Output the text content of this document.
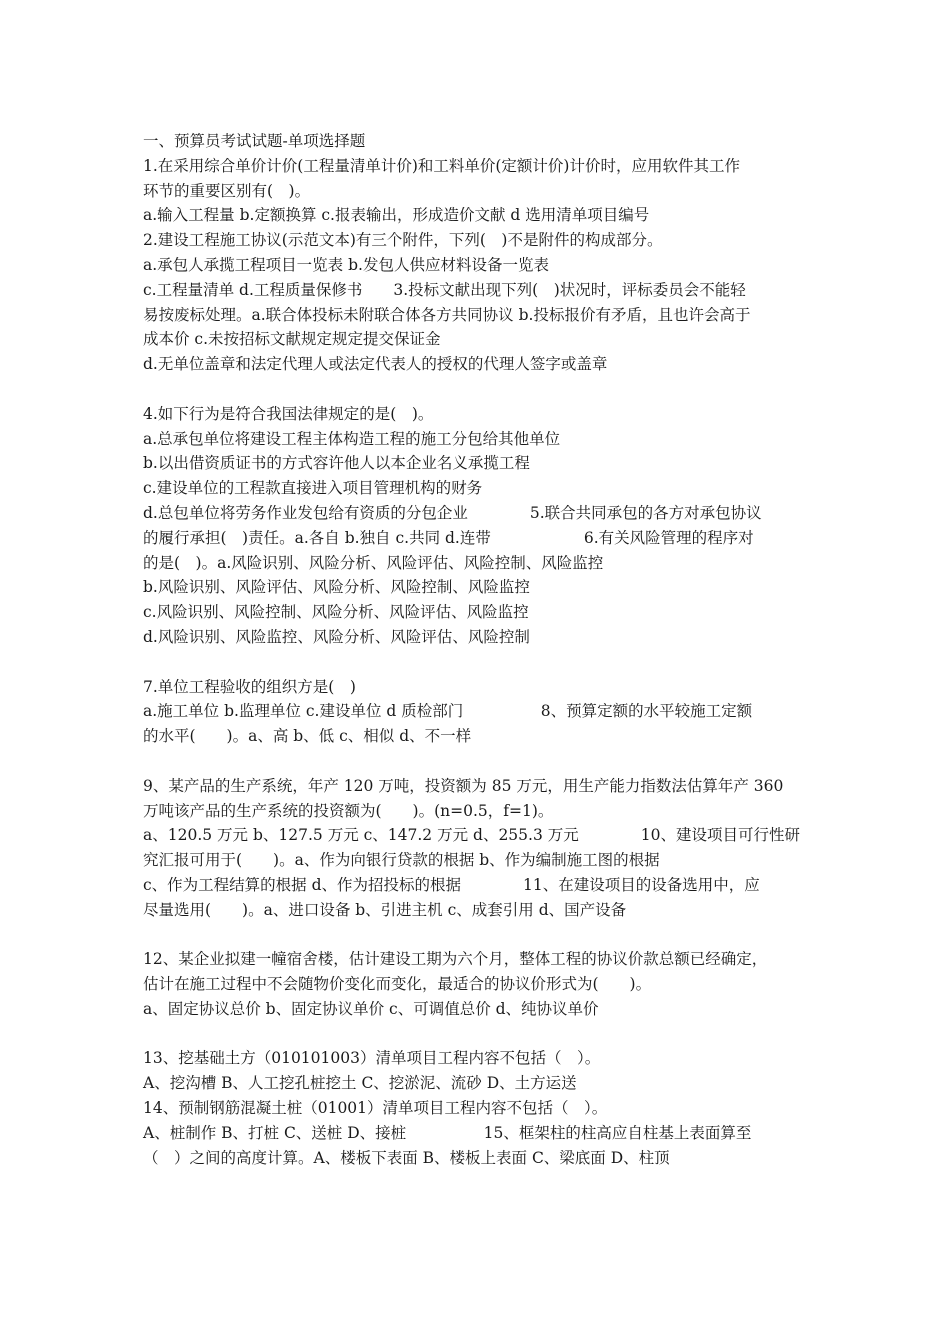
一、预算员考试试题-单项选择题
1.在采用综合单价计价(工程量清单计价)和工料单价(定额计价)计价时，应用软件其工作
环节的重要区别有(　)。
a.输入工程量 b.定额换算 c.报表输出，形成造价文献 d 选用清单项目编号
2.建设工程施工协议(示范文本)有三个附件，下列(　)不是附件的构成部分。
a.承包人承揽工程项目一览表 b.发包人供应材料设备一览表
c.工程量清单 d.工程质量保修书　　3.投标文献出现下列(　)状况时，评标委员会不能轻
易按废标处理。a.联合体投标未附联合体各方共同协议 b.投标报价有矛盾，且也许会高于
成本价 c.未按招标文献规定规定提交保证金
d.无单位盖章和法定代理人或法定代表人的授权的代理人签字或盖章
4.如下行为是符合我国法律规定的是(　)。
a.总承包单位将建设工程主体构造工程的施工分包给其他单位
b.以出借资质证书的方式容许他人以本企业名义承揽工程
c.建设单位的工程款直接进入项目管理机构的财务
d.总包单位将劳务作业发包给有资质的分包企业　　　　5.联合共同承包的各方对承包协议
的履行承担(　)责任。a.各自 b.独自 c.共同 d.连带　　　　　　6.有关风险管理的程序对
的是(　)。a.风险识别、风险分析、风险评估、风险控制、风险监控
b.风险识别、风险评估、风险分析、风险控制、风险监控
c.风险识别、风险控制、风险分析、风险评估、风险监控
d.风险识别、风险监控、风险分析、风险评估、风险控制
7.单位工程验收的组织方是(　)
a.施工单位 b.监理单位 c.建设单位 d 质检部门　　　　　8、预算定额的水平较施工定额
的水平(　　)。a、高 b、低 c、相似 d、不一样
9、某产品的生产系统，年产 120 万吨，投资额为 85 万元，用生产能力指数法估算年产 360
万吨该产品的生产系统的投资额为(　　)。(n=0.5，f=1)。
a、120.5 万元 b、127.5 万元 c、147.2 万元 d、255.3 万元　　　　10、建设项目可行性研
究汇报可用于(　　)。a、作为向银行贷款的根据 b、作为编制施工图的根据
c、作为工程结算的根据 d、作为招投标的根据　　　　11、在建设项目的设备选用中，应
尽量选用(　　)。a、进口设备 b、引进主机 c、成套引用 d、国产设备
12、某企业拟建一幢宿舍楼，估计建设工期为六个月，整体工程的协议价款总额已经确定，
估计在施工过程中不会随物价变化而变化，最适合的协议价形式为(　　)。
a、固定协议总价 b、固定协议单价 c、可调值总价 d、纯协议单价
13、挖基础土方（010101003）清单项目工程内容不包括（　）。
A、挖沟槽 B、人工挖孔桩挖土 C、挖淤泥、流砂 D、土方运送
14、预制钢筋混凝土桩（01001）清单项目工程内容不包括（　）。
A、桩制作 B、打桩 C、送桩 D、接桩　　　　　15、框架柱的柱高应自柱基上表面算至
（　）之间的高度计算。A、楼板下表面 B、楼板上表面 C、梁底面 D、柱顶
